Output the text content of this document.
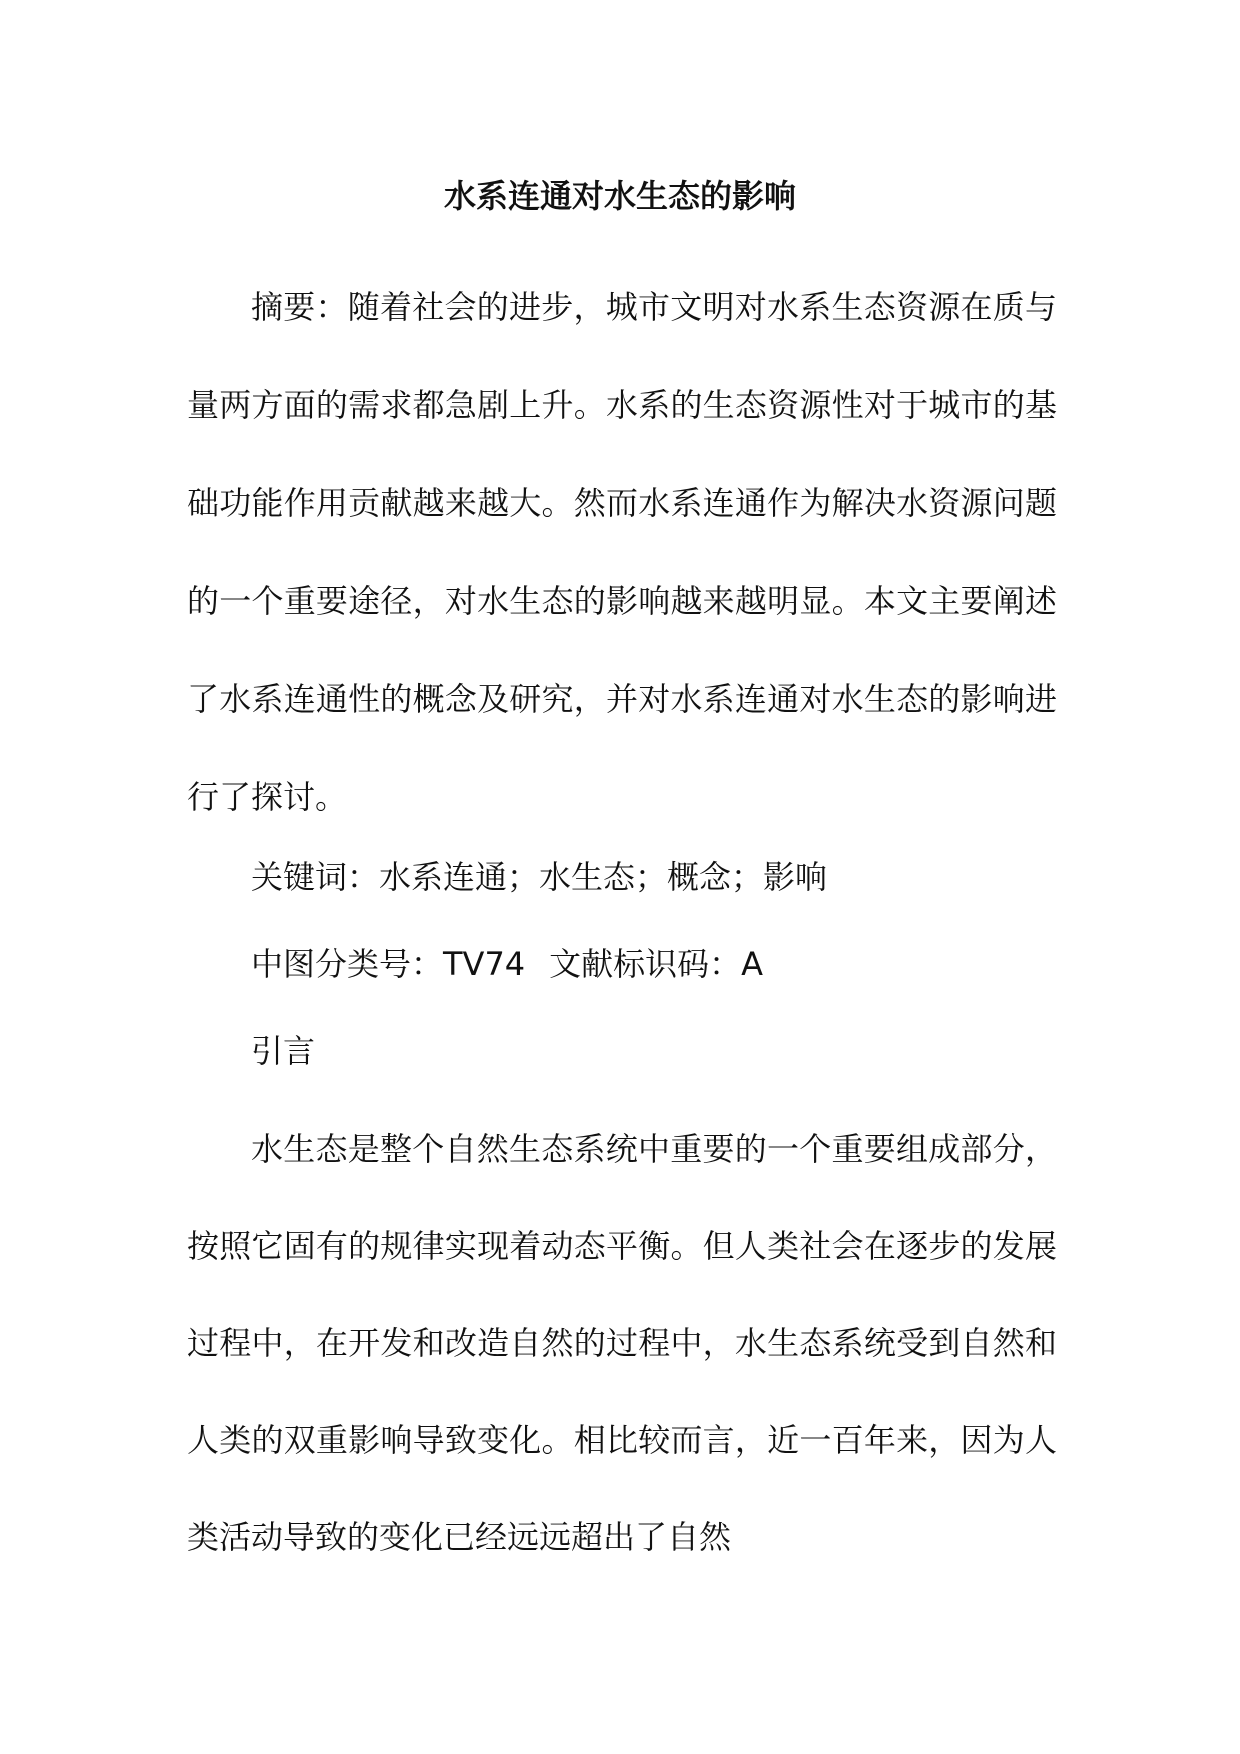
水系连通对水生态的影响

摘要：随着社会的进步，城市文明对水系生态资源在质与量两方面的需求都急剧上升。水系的生态资源性对于城市的基础功能作用贡献越来越大。然而水系连通作为解决水资源问题的一个重要途径，对水生态的影响越来越明显。本文主要阐述了水系连通性的概念及研究，并对水系连通对水生态的影响进行了探讨。

关键词：水系连通；水生态；概念；影响

中图分类号：TV74 文献标识码：A

引言

水生态是整个自然生态系统中重要的一个重要组成部分，按照它固有的规律实现着动态平衡。但人类社会在逐步的发展过程中，在开发和改造自然的过程中，水生态系统受到自然和人类的双重影响导致变化。相比较而言，近一百年来，因为人类活动导致的变化已经远远超出了自然
